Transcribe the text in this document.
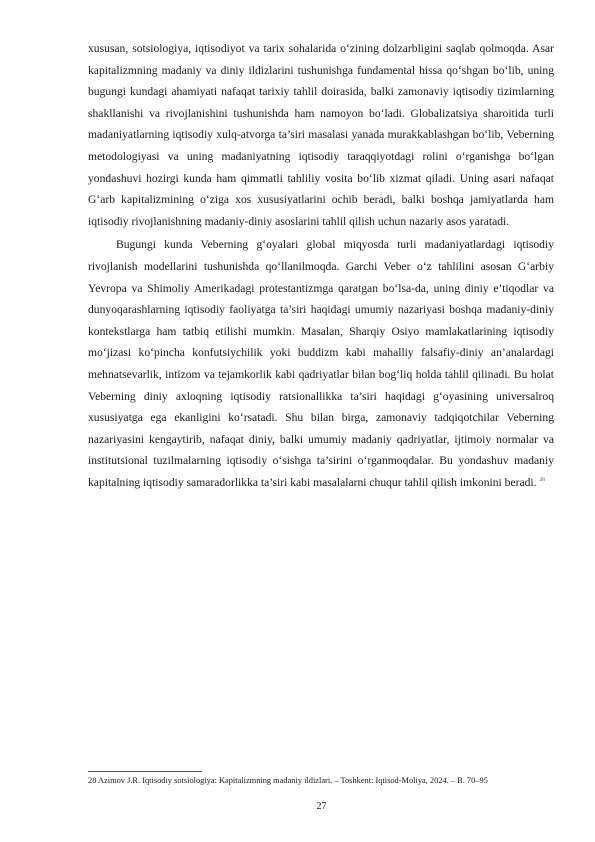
xususan, sotsiologiya, iqtisodiyot va tarix sohalarida o‘zining dolzarbligini saqlab qolmoqda. Asar kapitalizmning madaniy va diniy ildizlarini tushunishga fundamental hissa qo‘shgan bo‘lib, uning bugungi kundagi ahamiyati nafaqat tarixiy tahlil doirasida, balki zamonaviy iqtisodiy tizimlarning shakllanishi va rivojlanishini tushunishda ham namoyon bo‘ladi. Globalizatsiya sharoitida turli madaniyatlarning iqtisodiy xulq-atvorga ta’siri masalasi yanada murakkablashgan bo‘lib, Veberning metodologiyasi va uning madaniyatning iqtisodiy taraqqiyotdagi rolini o‘rganishga bo‘lgan yondashuvi hozirgi kunda ham qimmatli tahliliy vosita bo‘lib xizmat qiladi. Uning asari nafaqat G‘arb kapitalizmining o‘ziga xos xususiyatlarini ochib beradi, balki boshqa jamiyatlarda ham iqtisodiy rivojlanishning madaniy-diniy asoslarini tahlil qilish uchun nazariy asos yaratadi.

Bugungi kunda Veberning g‘oyalari global miqyosda turli madaniyatlardagi iqtisodiy rivojlanish modellarini tushunishda qo‘llanilmoqda. Garchi Veber o‘z tahlilini asosan G‘arbiy Yevropa va Shimoliy Amerikadagi protestantizmga qaratgan bo‘lsa-da, uning diniy e’tiqodlar va dunyoqarashlarning iqtisodiy faoliyatga ta’siri haqidagi umumiy nazariyasi boshqa madaniy-diniy kontekstlarga ham tatbiq etilishi mumkin. Masalan, Sharqiy Osiyo mamlakatlarining iqtisodiy mo‘jizasi ko‘pincha konfutsiychilik yoki buddizm kabi mahalliy falsafiy-diniy an’analardagi mehnatsevarlik, intizom va tejamkorlik kabi qadriyatlar bilan bog‘liq holda tahlil qilinadi. Bu holat Veberning diniy axloqning iqtisodiy ratsionallikka ta’siri haqidagi g‘oyasining universalroq xususiyatga ega ekanligini ko‘rsatadi. Shu bilan birga, zamonaviy tadqiqotchilar Veberning nazariyasini kengaytirib, nafaqat diniy, balki umumiy madaniy qadriyatlar, ijtimoiy normalar va institutsional tuzilmalarning iqtisodiy o‘sishga ta’sirini o‘rganmoqdalar. Bu yondashuv madaniy kapitalning iqtisodiy samaradorlikka ta’siri kabi masalalarni chuqur tahlil qilish imkonini beradi. $^{28}$

28 Azimov J.R. Iqtisodiy sotsiologiya: Kapitalizmning madaniy ildizlari. – Toshkent: Iqtisod-Moliya, 2024. – B. 70–95

27
